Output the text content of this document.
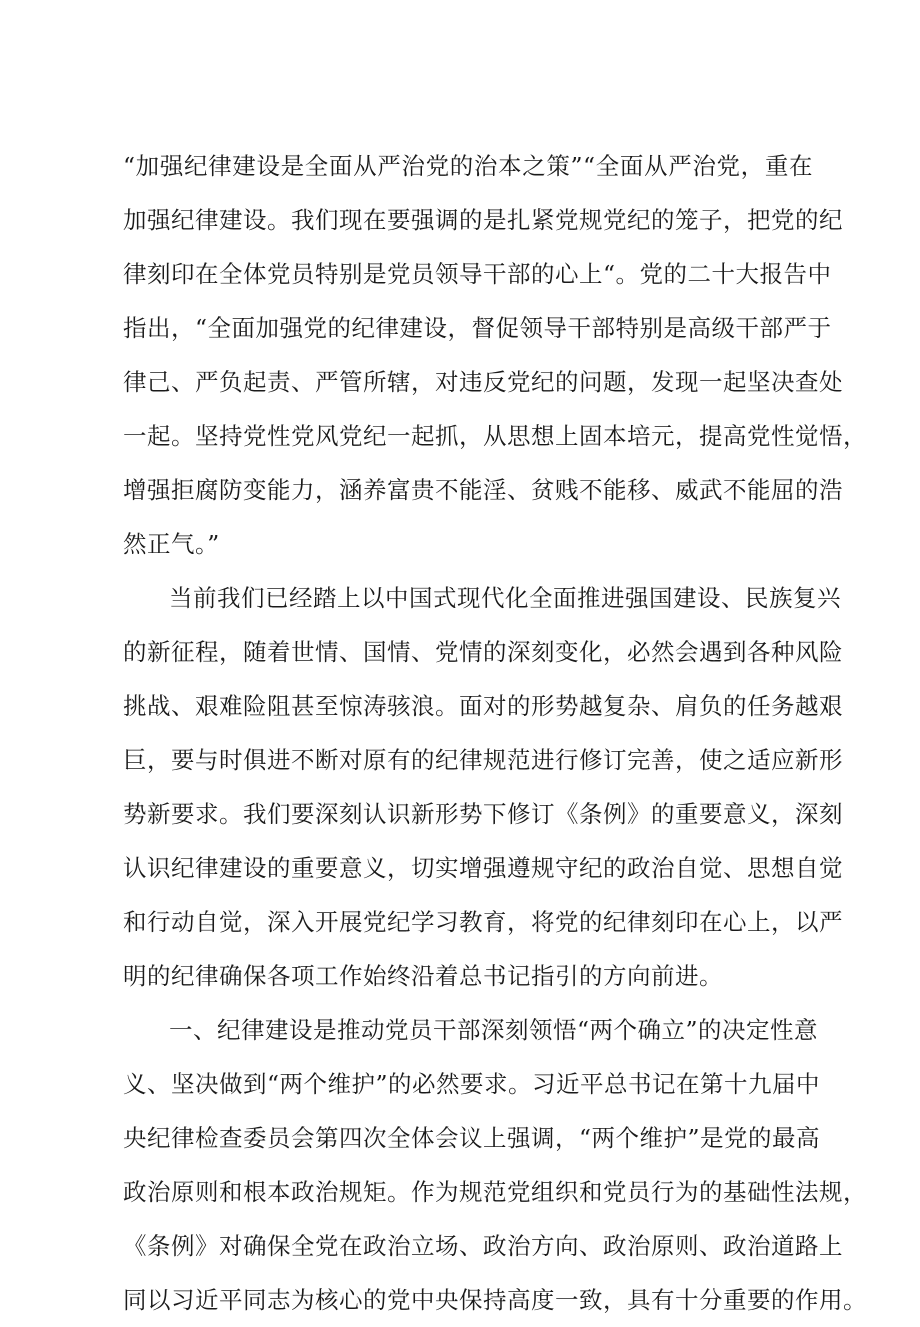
“加强纪律建设是全面从严治党的治本之策”“全面从严治党，重在
加强纪律建设。我们现在要强调的是扎紧党规党纪的笼子，把党的纪
律刻印在全体党员特别是党员领导干部的心上“。党的二十大报告中
指出，“全面加强党的纪律建设，督促领导干部特别是高级干部严于
律己、严负起责、严管所辖，对违反党纪的问题，发现一起坚决查处
一起。坚持党性党风党纪一起抓，从思想上固本培元，提高党性觉悟，
增强拒腐防变能力，涵养富贵不能淫、贫贱不能移、威武不能屈的浩
然正气。”
当前我们已经踏上以中国式现代化全面推进强国建设、民族复兴
的新征程，随着世情、国情、党情的深刻变化，必然会遇到各种风险
挑战、艰难险阻甚至惊涛骇浪。面对的形势越复杂、肩负的任务越艰
巨，要与时俱进不断对原有的纪律规范进行修订完善，使之适应新形
势新要求。我们要深刻认识新形势下修订《条例》的重要意义，深刻
认识纪律建设的重要意义，切实增强遵规守纪的政治自觉、思想自觉
和行动自觉，深入开展党纪学习教育，将党的纪律刻印在心上，以严
明的纪律确保各项工作始终沿着总书记指引的方向前进。
一、纪律建设是推动党员干部深刻领悟“两个确立”的决定性意
义、坚决做到“两个维护”的必然要求。习近平总书记在第十九届中
央纪律检查委员会第四次全体会议上强调，“两个维护”是党的最高
政治原则和根本政治规矩。作为规范党组织和党员行为的基础性法规，
《条例》对确保全党在政治立场、政治方向、政治原则、政治道路上
同以习近平同志为核心的党中央保持高度一致，具有十分重要的作用。
